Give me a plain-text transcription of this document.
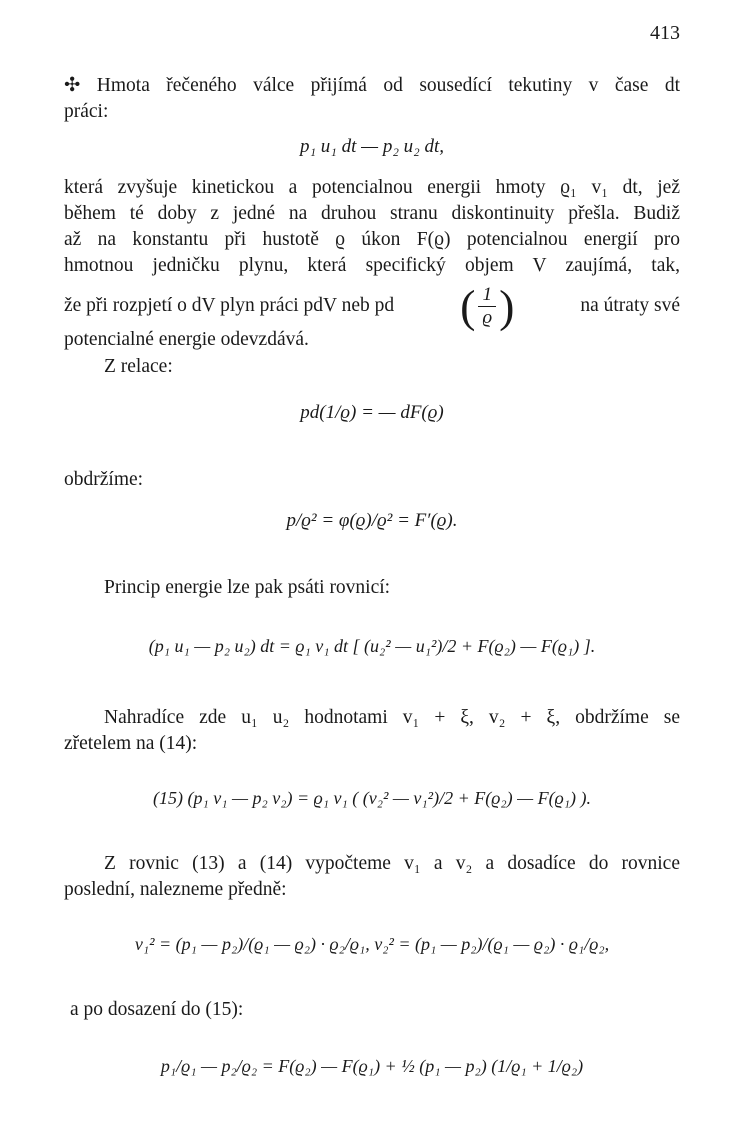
413
✣ Hmota řečeného válce přijímá od sousedící tekutiny v čase dt
práci:
p₁ u₁ dt — p₂ u₂ dt,
která zvyšuje kinetickou a potencialnou energii hmoty ϱ₁ v₁ dt, jež
během té doby z jedné na druhou stranu diskontinuity přešla. Budiž
až na konstantu při hustotě ϱ úkon F(ϱ) potencialnou energií pro
hmotnou jedničku plynu, která specifický objem V zaujímá, tak,
že při rozpjetí o dV plyn práci pdV neb pd ( $\frac{1}{ϱ}$ )	na útraty své
potencialné energie odevzdává.
Z relace:
pd(1/ϱ) = — dF(ϱ)
obdržíme:
p/ϱ² = φ(ϱ)/ϱ² = F′(ϱ).
Princip energie lze pak psáti rovnicí:
(p₁ u₁ — p₂ u₂) dt = ϱ₁ v₁ dt [ (u₂² — u₁²)/2 + F(ϱ₂) — F(ϱ₁) ].
Nahradíce zde u₁ u₂ hodnotami v₁ + ξ, v₂ + ξ, obdržíme se
zřetelem na (14):
(15) (p₁ v₁ — p₂ v₂) = ϱ₁ v₁ ( (v₂² — v₁²)/2 + F(ϱ₂) — F(ϱ₁) ).
Z rovnic (13) a (14) vypočteme v₁ a v₂ a dosadíce do rovnice
poslední, nalezneme předně:
v₁² = (p₁ — p₂)/(ϱ₁ — ϱ₂) · ϱ₂/ϱ₁, v₂² = (p₁ — p₂)/(ϱ₁ — ϱ₂) · ϱ₁/ϱ₂,
a po dosazení do (15):
p₁/ϱ₁ — p₂/ϱ₂ = F(ϱ₂) — F(ϱ₁) + ½ (p₁ — p₂) (1/ϱ₁ + 1/ϱ₂)
